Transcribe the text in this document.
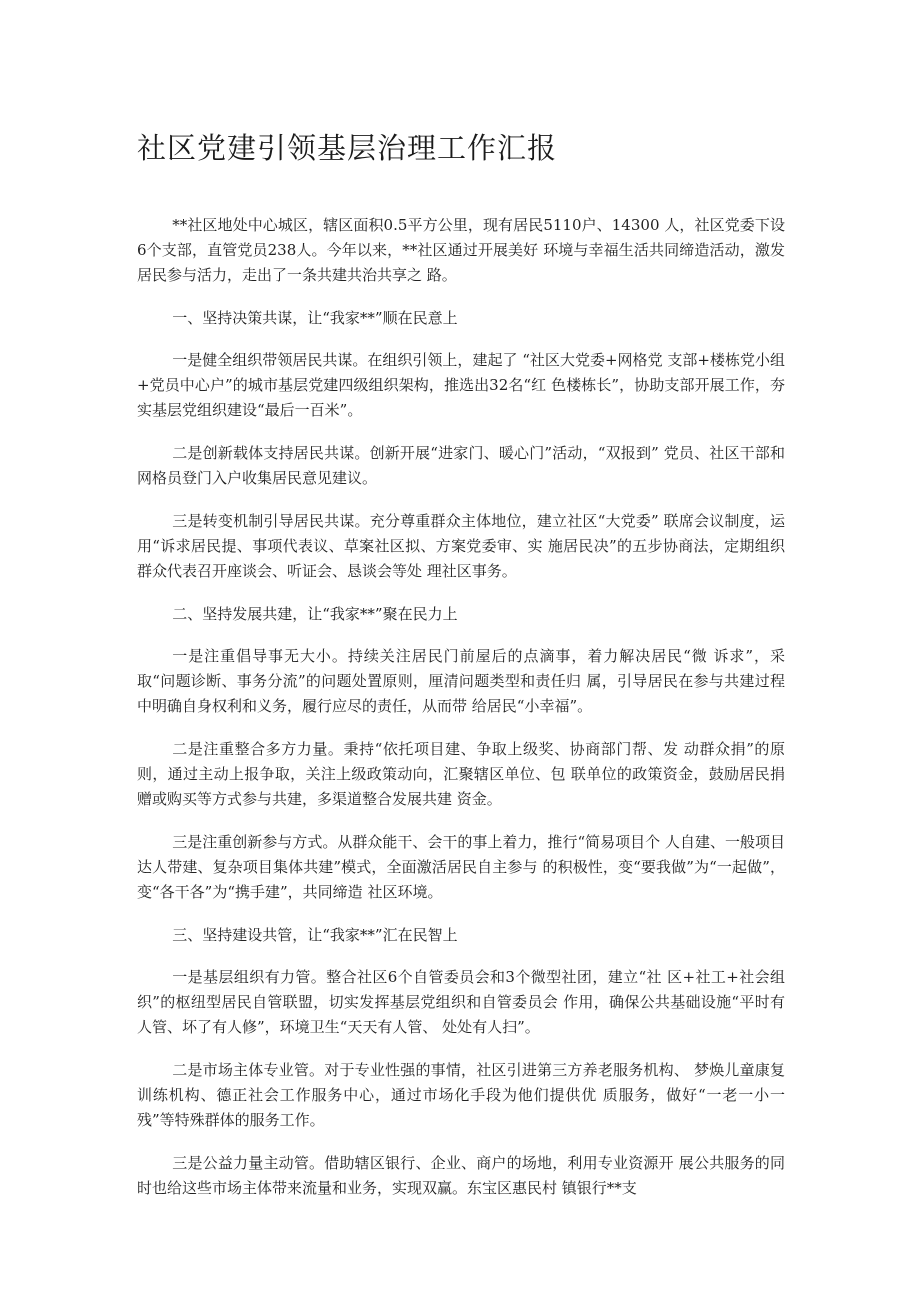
社区党建引领基层治理工作汇报

**社区地处中心城区，辖区面积0.5平方公里，现有居民5110户、14300 人，社区党委下设6个支部，直管党员238人。今年以来，**社区通过开展美好 环境与幸福生活共同缔造活动，激发居民参与活力，走出了一条共建共治共享之 路。

一、坚持决策共谋，让“我家**”顺在民意上

一是健全组织带领居民共谋。在组织引领上，建起了 “社区大党委+网格党 支部+楼栋党小组+党员中心户”的城市基层党建四级组织架构，推选出32名“红 色楼栋长”，协助支部开展工作，夯实基层党组织建设“最后一百米”。

二是创新载体支持居民共谋。创新开展“进家门、暖心门”活动，“双报到” 党员、社区干部和网格员登门入户收集居民意见建议。

三是转变机制引导居民共谋。充分尊重群众主体地位，建立社区“大党委” 联席会议制度，运用“诉求居民提、事项代表议、草案社区拟、方案党委审、实 施居民决”的五步协商法，定期组织群众代表召开座谈会、听证会、恳谈会等处 理社区事务。

二、坚持发展共建，让“我家**”聚在民力上

一是注重倡导事无大小。持续关注居民门前屋后的点滴事，着力解决居民“微 诉求”，采取“问题诊断、事务分流”的问题处置原则，厘清问题类型和责任归 属，引导居民在参与共建过程中明确自身权利和义务，履行应尽的责任，从而带 给居民“小幸福”。

二是注重整合多方力量。秉持“依托项目建、争取上级奖、协商部门帮、发 动群众捐”的原则，通过主动上报争取，关注上级政策动向，汇聚辖区单位、包 联单位的政策资金，鼓励居民捐赠或购买等方式参与共建，多渠道整合发展共建 资金。

三是注重创新参与方式。从群众能干、会干的事上着力，推行“简易项目个 人自建、一般项目达人带建、复杂项目集体共建”模式，全面激活居民自主参与 的积极性，变“要我做”为“一起做”，变“各干各”为“携手建”，共同缔造 社区环境。

三、坚持建设共管，让“我家**”汇在民智上

一是基层组织有力管。整合社区6个自管委员会和3个微型社团，建立“社 区+社工+社会组织”的枢纽型居民自管联盟，切实发挥基层党组织和自管委员会 作用，确保公共基础设施“平时有人管、坏了有人修”，环境卫生“天天有人管、 处处有人扫”。

二是市场主体专业管。对于专业性强的事情，社区引进第三方养老服务机构、 梦焕儿童康复训练机构、德正社会工作服务中心，通过市场化手段为他们提供优 质服务，做好“一老一小一残”等特殊群体的服务工作。

三是公益力量主动管。借助辖区银行、企业、商户的场地，利用专业资源开 展公共服务的同时也给这些市场主体带来流量和业务，实现双赢。东宝区惠民村 镇银行**支
